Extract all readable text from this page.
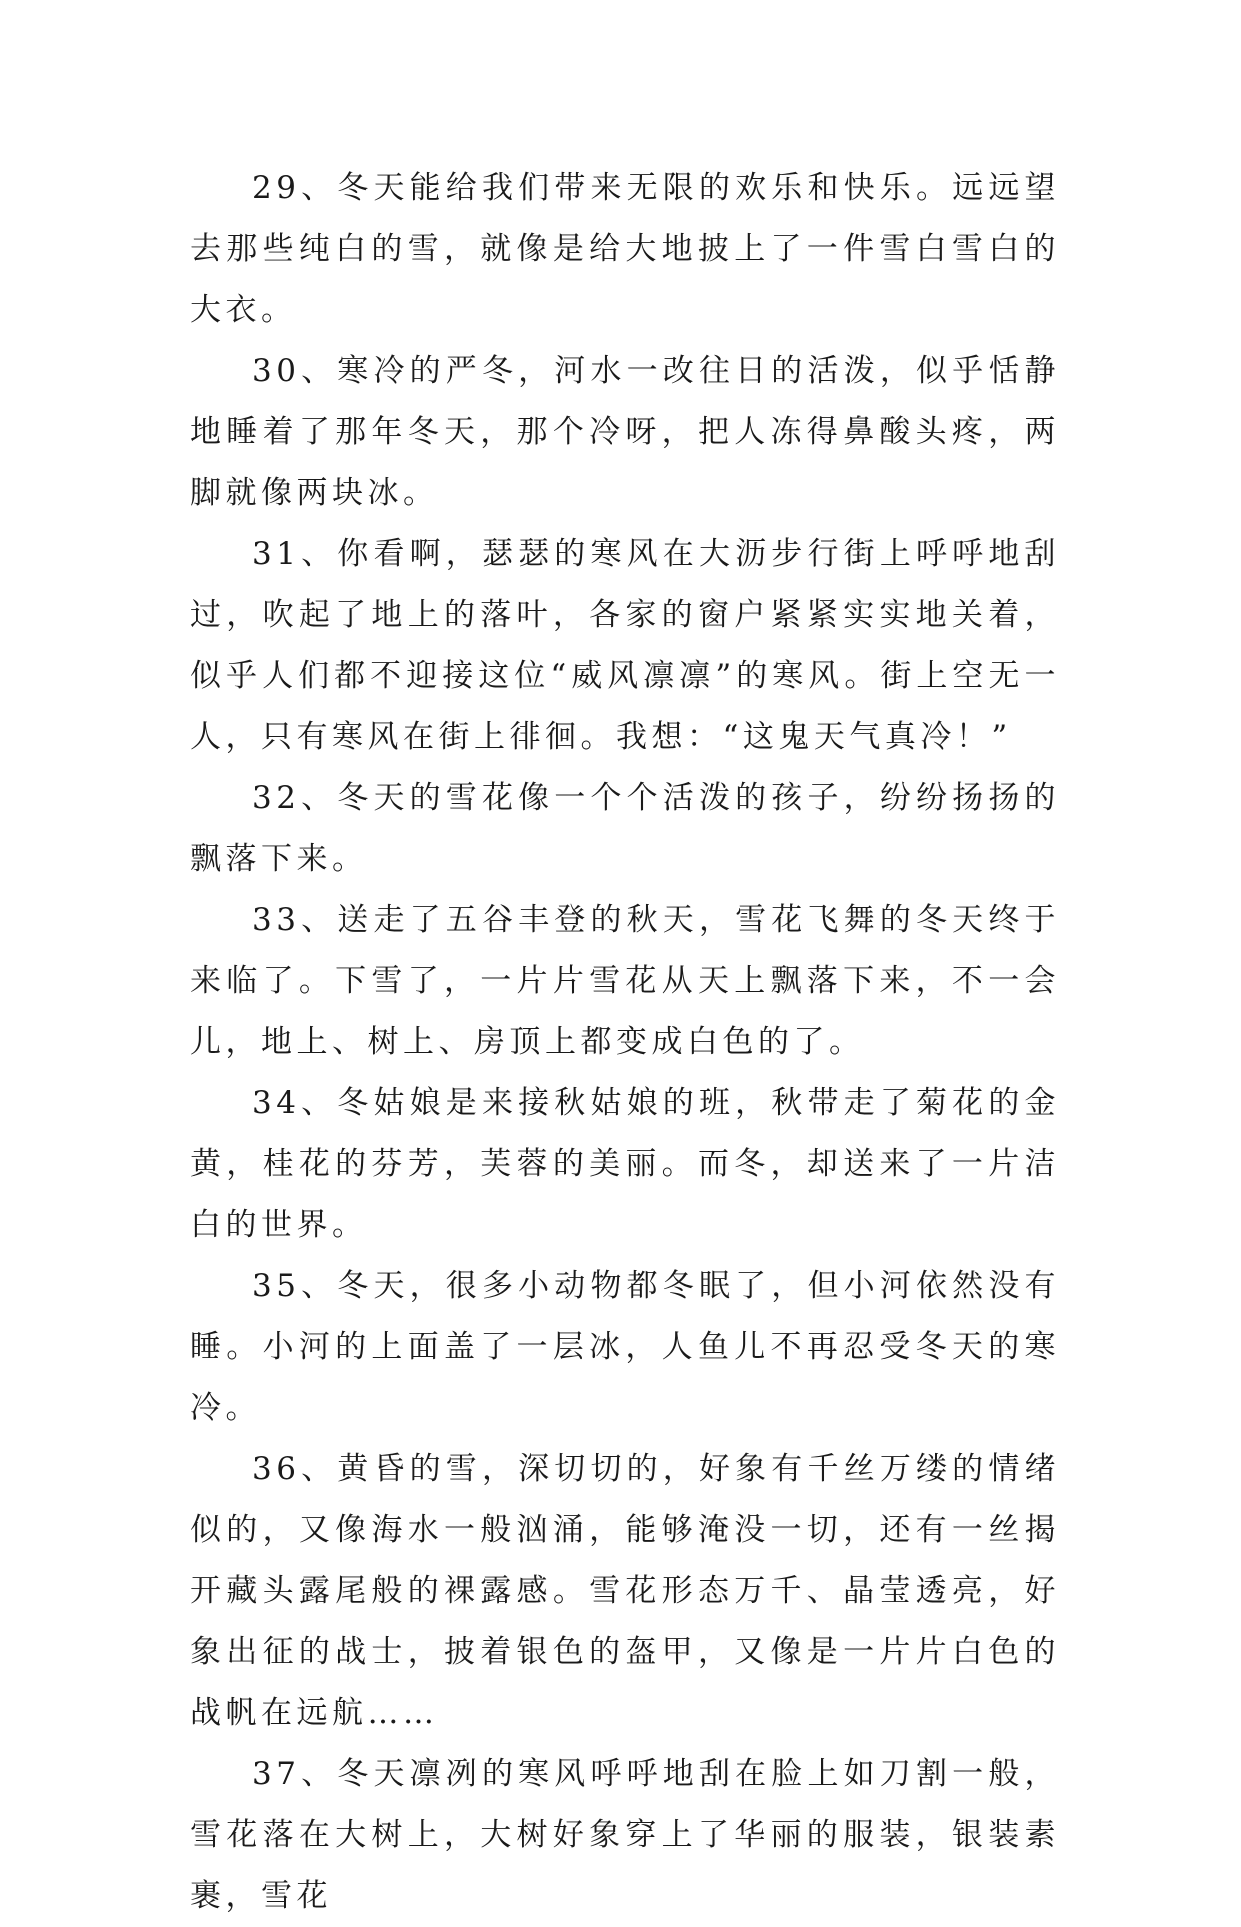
29、冬天能给我们带来无限的欢乐和快乐。远远望去那些纯白的雪，就像是给大地披上了一件雪白雪白的大衣。

30、寒冷的严冬，河水一改往日的活泼，似乎恬静地睡着了那年冬天，那个冷呀，把人冻得鼻酸头疼，两脚就像两块冰。

31、你看啊，瑟瑟的寒风在大沥步行街上呼呼地刮过，吹起了地上的落叶，各家的窗户紧紧实实地关着，似乎人们都不迎接这位“威风凛凛”的寒风。街上空无一人，只有寒风在街上徘徊。我想：“这鬼天气真冷！”

32、冬天的雪花像一个个活泼的孩子，纷纷扬扬的飘落下来。

33、送走了五谷丰登的秋天，雪花飞舞的冬天终于来临了。下雪了，一片片雪花从天上飘落下来，不一会儿，地上、树上、房顶上都变成白色的了。

34、冬姑娘是来接秋姑娘的班，秋带走了菊花的金黄，桂花的芬芳，芙蓉的美丽。而冬，却送来了一片洁白的世界。

35、冬天，很多小动物都冬眠了，但小河依然没有睡。小河的上面盖了一层冰，人鱼儿不再忍受冬天的寒冷。

36、黄昏的雪，深切切的，好象有千丝万缕的情绪似的，又像海水一般汹涌，能够淹没一切，还有一丝揭开藏头露尾般的裸露感。雪花形态万千、晶莹透亮，好象出征的战士，披着银色的盔甲，又像是一片片白色的战帆在远航……

37、冬天凛冽的寒风呼呼地刮在脸上如刀割一般，雪花落在大树上，大树好象穿上了华丽的服装，银装素裹，雪花
